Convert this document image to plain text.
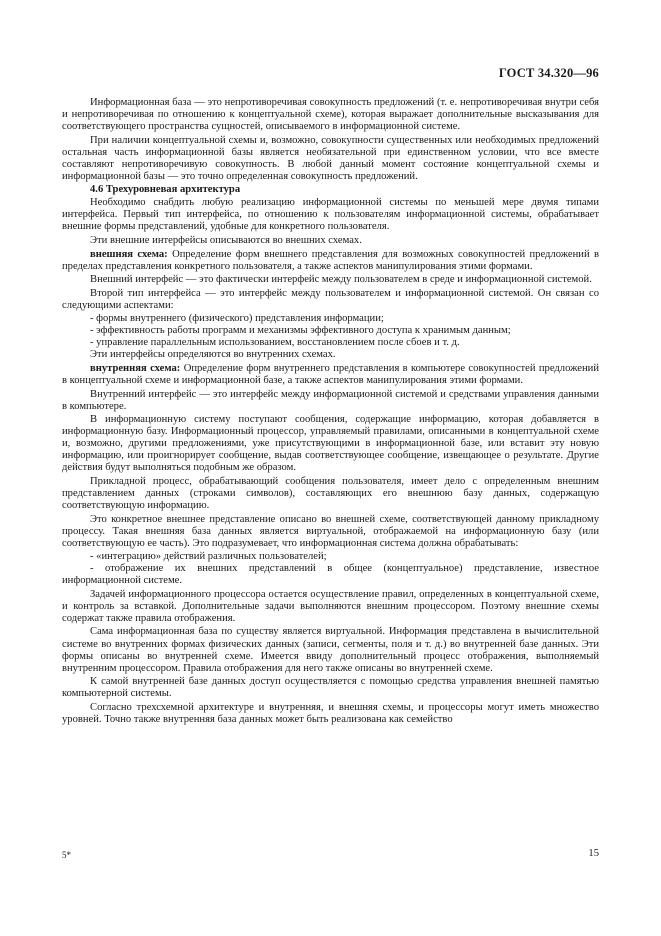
ГОСТ 34.320—96

Информационная база — это непротиворечивая совокупность предложений (т. е. непротиворечивая внутри себя и непротиворечивая по отношению к концептуальной схеме), которая выражает дополнительные высказывания для соответствующего пространства сущностей, описываемого в информационной системе.

При наличии концептуальной схемы и, возможно, совокупности существенных или необходимых предложений остальная часть информационной базы является необязательной при единственном условии, что все вместе составляют непротиворечивую совокупность. В любой данный момент состояние концептуальной схемы и информационной базы — это точно определенная совокупность предложений.

4.6 Трехуровневая архитектура

Необходимо снабдить любую реализацию информационной системы по меньшей мере двумя типами интерфейса. Первый тип интерфейса, по отношению к пользователям информационной системы, обрабатывает внешние формы представлений, удобные для конкретного пользователя.

Эти внешние интерфейсы описываются во внешних схемах.

внешняя схема: Определение форм внешнего представления для возможных совокупностей предложений в пределах представления конкретного пользователя, а также аспектов манипулирования этими формами.

Внешний интерфейс — это фактически интерфейс между пользователем в среде и информационной системой.

Второй тип интерфейса — это интерфейс между пользователем и информационной системой. Он связан со следующими аспектами:

- формы внутреннего (физического) представления информации;

- эффективность работы программ и механизмы эффективного доступа к хранимым данным;

- управление параллельным использованием, восстановлением после сбоев и т. д.

Эти интерфейсы определяются во внутренних схемах.

внутренняя схема: Определение форм внутреннего представления в компьютере совокупностей предложений в концептуальной схеме и информационной базе, а также аспектов манипулирования этими формами.

Внутренний интерфейс — это интерфейс между информационной системой и средствами управления данными в компьютере.

В информационную систему поступают сообщения, содержащие информацию, которая добавляется в информационную базу. Информационный процессор, управляемый правилами, описанными в концептуальной схеме и, возможно, другими предложениями, уже присутствующими в информационной базе, или вставит эту новую информацию, или проигнорирует сообщение, выдав соответствующее сообщение, извещающее о результате. Другие действия будут выполняться подобным же образом.

Прикладной процесс, обрабатывающий сообщения пользователя, имеет дело с определенным внешним представлением данных (строками символов), составляющих его внешнюю базу данных, содержащую соответствующую информацию.

Это конкретное внешнее представление описано во внешней схеме, соответствующей данному прикладному процессу. Такая внешняя база данных является виртуальной, отображаемой на информационную базу (или соответствующую ее часть). Это подразумевает, что информационная система должна обрабатывать:

- «интеграцию» действий различных пользователей;

- отображение их внешних представлений в общее (концептуальное) представление, известное информационной системе.

Задачей информационного процессора остается осуществление правил, определенных в концептуальной схеме, и контроль за вставкой. Дополнительные задачи выполняются внешним процессором. Поэтому внешние схемы содержат также правила отображения.

Сама информационная база по существу является виртуальной. Информация представлена в вычислительной системе во внутренних формах физических данных (записи, сегменты, поля и т. д.) во внутренней базе данных. Эти формы описаны во внутренней схеме. Имеется ввиду дополнительный процесс отображения, выполняемый внутренним процессором. Правила отображения для него также описаны во внутренней схеме.

К самой внутренней базе данных доступ осуществляется с помощью средства управления внешней памятью компьютерной системы.

Согласно трехсхемной архитектуре и внутренняя, и внешняя схемы, и процессоры могут иметь множество уровней. Точно также внутренняя база данных может быть реализована как семейство

5*	15
